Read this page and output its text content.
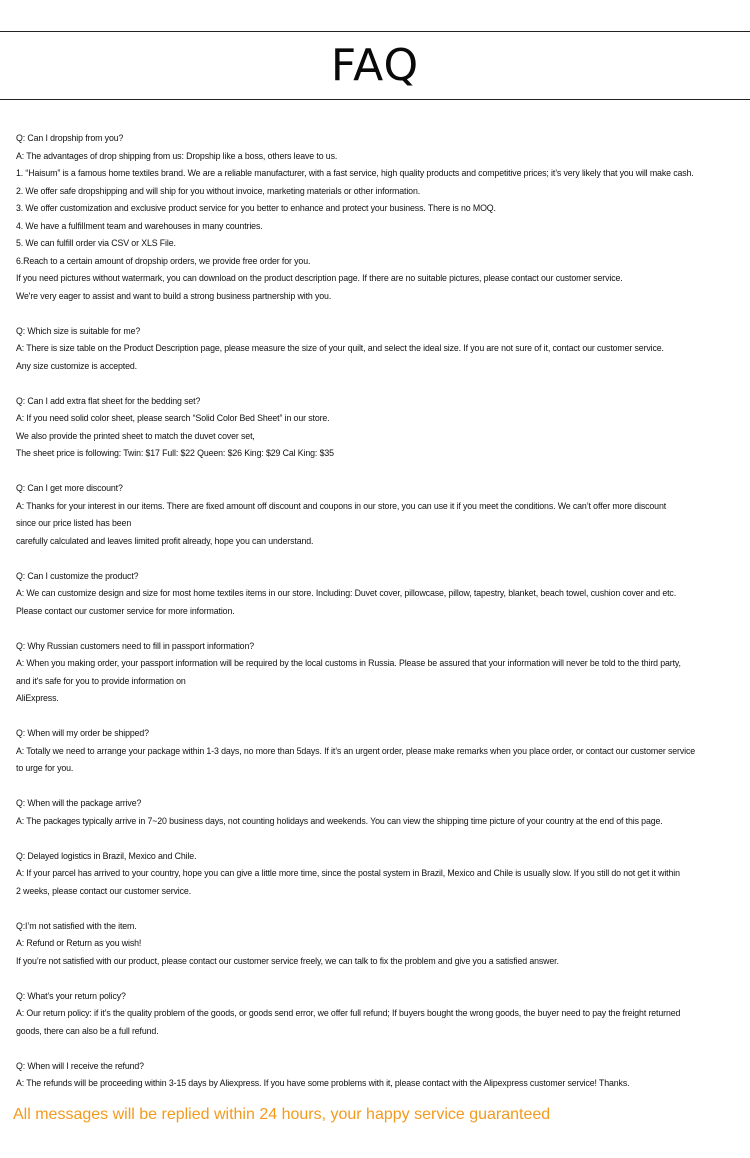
FAQ
Q: Can I dropship from you?
A: The advantages of drop shipping from us: Dropship like a boss, others leave to us.
1. “Haisum” is a famous home textiles brand. We are a reliable manufacturer, with a fast service, high quality products and competitive prices; it’s very likely that you will make cash.
2. We offer safe dropshipping and will ship for you without invoice, marketing materials or other information.
3. We offer customization and exclusive product service for you better to enhance and protect your business. There is no MOQ.
4. We have a fulfillment team and warehouses in many countries.
5. We can fulfill order via CSV or XLS File.
6.Reach to a certain amount of dropship orders, we provide free order for you.
If you need pictures without watermark, you can download on the product description page. If there are no suitable pictures, please contact our customer service.
We're very eager to assist and want to build a strong business partnership with you.
Q: Which size is suitable for me?
A: There is size table on the Product Description page, please measure the size of your quilt, and select the ideal size. If you are not sure of it, contact our customer service.
Any size customize is accepted.
Q: Can I add extra flat sheet for the bedding set?
A: If you need solid color sheet, please search “Solid Color Bed Sheet” in our store.
We also provide the printed sheet to match the duvet cover set,
The sheet price is following: Twin: $17 Full: $22 Queen: $26 King: $29 Cal King: $35
Q: Can I get more discount?
A: Thanks for your interest in our items. There are fixed amount off discount and coupons in our store, you can use it if you meet the conditions. We can’t offer more discount
since our price listed has been
carefully calculated and leaves limited profit already, hope you can understand.
Q: Can I customize the product?
A: We can customize design and size for most home textiles items in our store. Including: Duvet cover, pillowcase, pillow, tapestry, blanket, beach towel, cushion cover and etc.
Please contact our customer service for more information.
Q: Why Russian customers need to fill in passport information?
A: When you making order, your passport information will be required by the local customs in Russia. Please be assured that your information will never be told to the third party,
and it's safe for you to provide information on
AliExpress.
Q: When will my order be shipped?
A: Totally we need to arrange your package within 1-3 days, no more than 5days. If it’s an urgent order, please make remarks when you place order, or contact our customer service
to urge for you.
Q: When will the package arrive?
A: The packages typically arrive in 7~20 business days, not counting holidays and weekends. You can view the shipping time picture of your country at the end of this page.
Q: Delayed logistics in Brazil, Mexico and Chile.
A: If your parcel has arrived to your country, hope you can give a little more time, since the postal system in Brazil, Mexico and Chile is usually slow. If you still do not get it within
2 weeks, please contact our customer service.
Q:I’m not satisfied with the item.
A: Refund or Return as you wish!
If you’re not satisfied with our product, please contact our customer service freely, we can talk to fix the problem and give you a satisfied answer.
Q: What’s your return policy?
A: Our return policy: if it’s the quality problem of the goods, or goods send error, we offer full refund; If buyers bought the wrong goods, the buyer need to pay the freight returned
goods, there can also be a full refund.
Q: When will I receive the refund?
A: The refunds will be proceeding within 3-15 days by Aliexpress. If you have some problems with it, please contact with the Alipexpress customer service! Thanks.
All messages will be replied within 24 hours, your happy service guaranteed
